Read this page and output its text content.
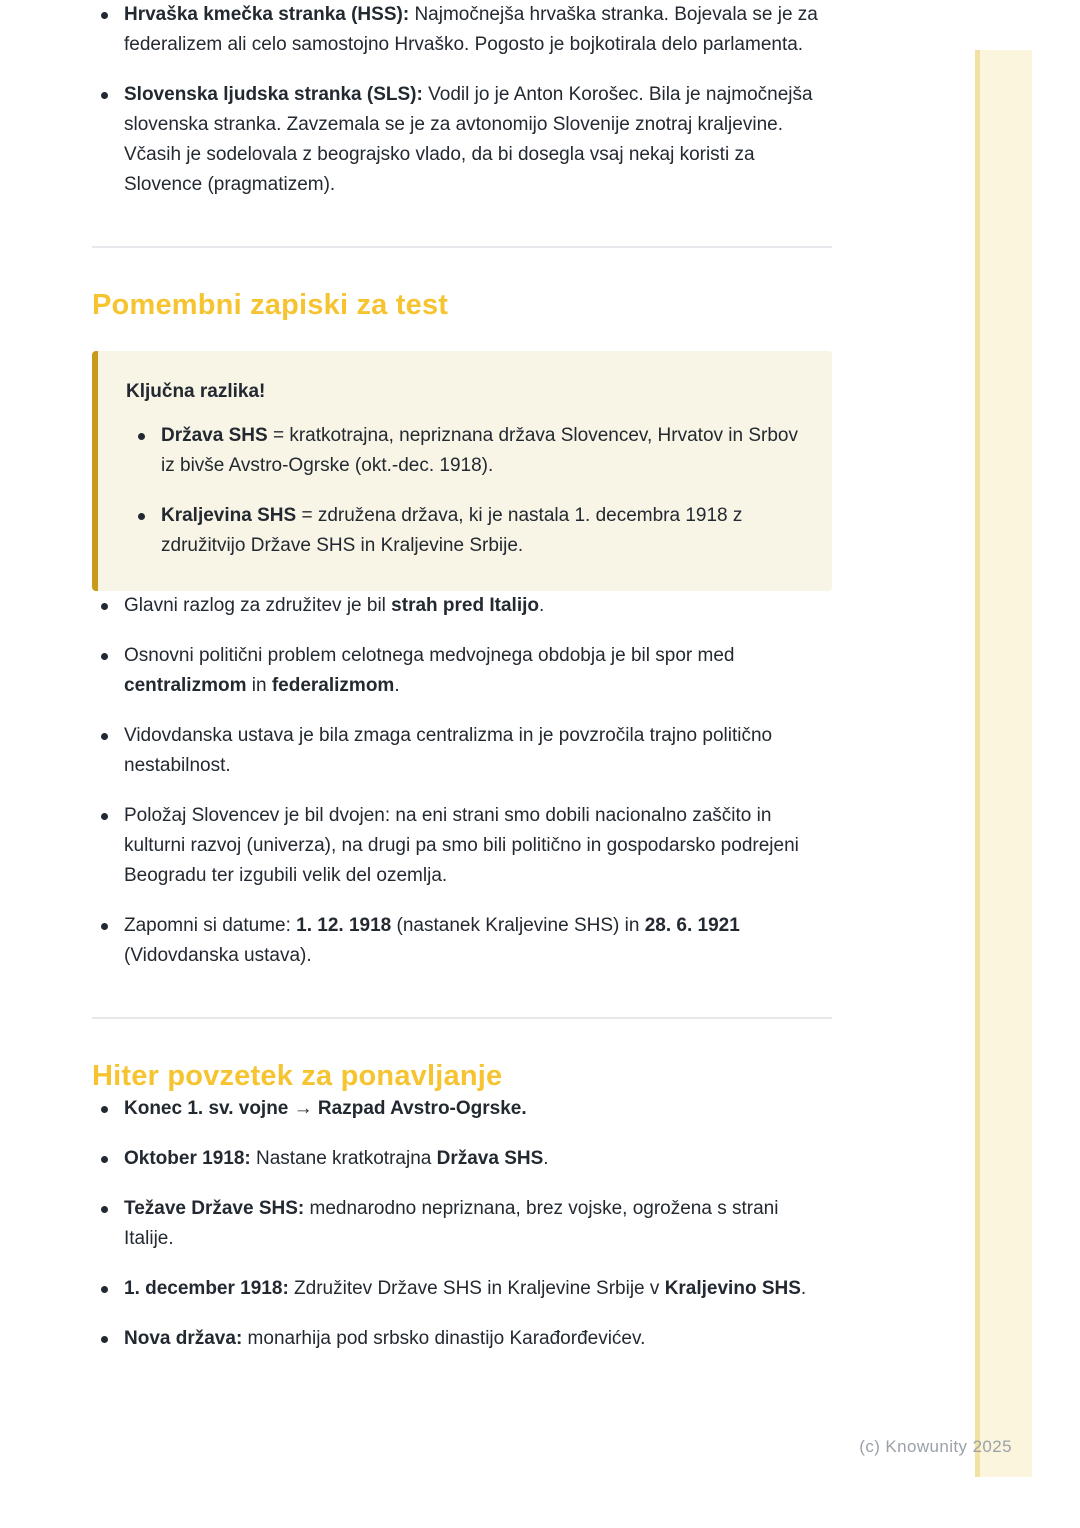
Hrvaška kmečka stranka (HSS): Najmočnejša hrvaška stranka. Bojevala se je za federalizem ali celo samostojno Hrvaško. Pogosto je bojkotirala delo parlamenta.
Slovenska ljudska stranka (SLS): Vodil jo je Anton Korošec. Bila je najmočnejša slovenska stranka. Zavzemala se je za avtonomijo Slovenije znotraj kraljevine. Včasih je sodelovala z beograjsko vlado, da bi dosegla vsaj nekaj koristi za Slovence (pragmatizem).
Pomembni zapiski za test
Ključna razlika!
Država SHS = kratkotrajna, nepriznana država Slovencev, Hrvatov in Srbov iz bivše Avstro-Ogrske (okt.-dec. 1918).
Kraljevina SHS = združena država, ki je nastala 1. decembra 1918 z združitvijo Države SHS in Kraljevine Srbije.
Glavni razlog za združitev je bil strah pred Italijo.
Osnovni politični problem celotnega medvojnega obdobja je bil spor med centralizmom in federalizmom.
Vidovdanska ustava je bila zmaga centralizma in je povzročila trajno politično nestabilnost.
Položaj Slovencev je bil dvojen: na eni strani smo dobili nacionalno zaščito in kulturni razvoj (univerza), na drugi pa smo bili politično in gospodarsko podrejeni Beogradu ter izgubili velik del ozemlja.
Zapomni si datume: 1. 12. 1918 (nastanek Kraljevine SHS) in 28. 6. 1921 (Vidovdanska ustava).
Hiter povzetek za ponavljanje
Konec 1. sv. vojne → Razpad Avstro-Ogrske.
Oktober 1918: Nastane kratkotrajna Država SHS.
Težave Države SHS: mednarodno nepriznana, brez vojske, ogrožena s strani Italije.
1. december 1918: Združitev Države SHS in Kraljevine Srbije v Kraljevino SHS.
Nova država: monarhija pod srbsko dinastijo Karađorđevićev.
(c) Knowunity 2025
